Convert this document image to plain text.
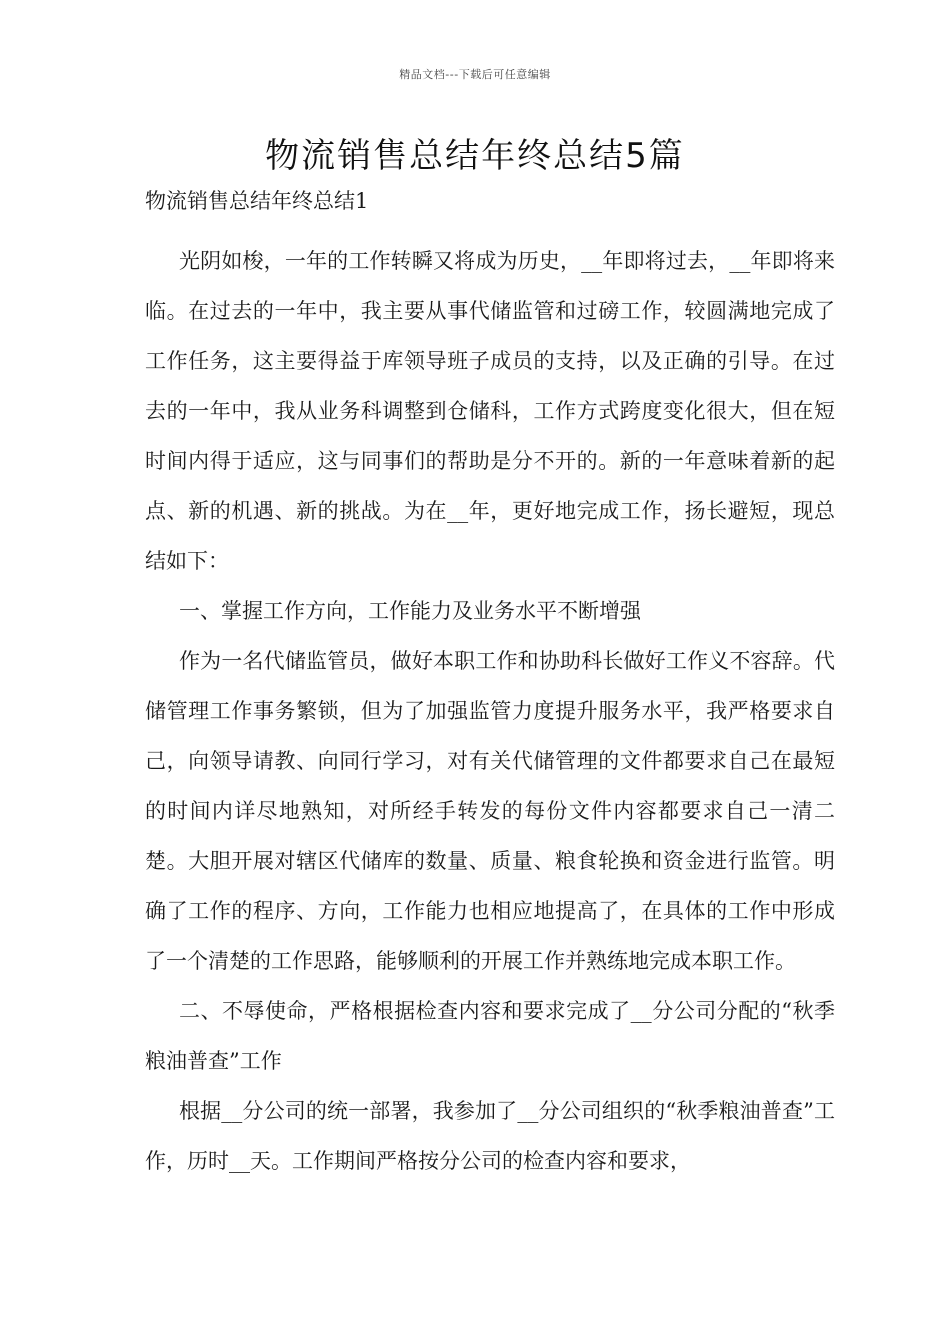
精品文档---下载后可任意编辑
物流销售总结年终总结5篇

物流销售总结年终总结1

光阴如梭，一年的工作转瞬又将成为历史，__年即将过去，__年即将来临。在过去的一年中，我主要从事代储监管和过磅工作，较圆满地完成了工作任务，这主要得益于库领导班子成员的支持，以及正确的引导。在过去的一年中，我从业务科调整到仓储科，工作方式跨度变化很大，但在短时间内得于适应，这与同事们的帮助是分不开的。新的一年意味着新的起点、新的机遇、新的挑战。为在__年，更好地完成工作，扬长避短，现总结如下：

一、掌握工作方向，工作能力及业务水平不断增强

作为一名代储监管员，做好本职工作和协助科长做好工作义不容辞。代储管理工作事务繁锁，但为了加强监管力度提升服务水平，我严格要求自己，向领导请教、向同行学习，对有关代储管理的文件都要求自己在最短的时间内详尽地熟知，对所经手转发的每份文件内容都要求自己一清二楚。大胆开展对辖区代储库的数量、质量、粮食轮换和资金进行监管。明确了工作的程序、方向，工作能力也相应地提高了，在具体的工作中形成了一个清楚的工作思路，能够顺利的开展工作并熟练地完成本职工作。

二、不辱使命，严格根据检查内容和要求完成了__分公司分配的“秋季粮油普查”工作

根据__分公司的统一部署，我参加了__分公司组织的“秋季粮油普查”工作，历时__天。工作期间严格按分公司的检查内容和要求，
